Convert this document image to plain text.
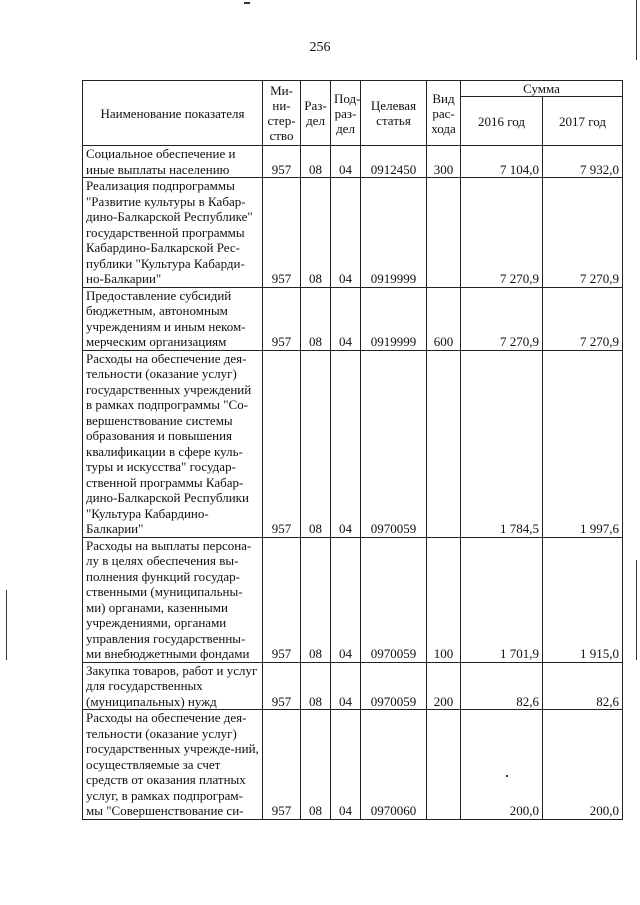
256
Наименование показателя	Ми-ни-стер-ство	Раз-дел	Под-раз-дел	Целевая статья	Вид рас-хода	Сумма	
						2016 год	2017 год
Социальное обеспечение и иные выплаты населению	957	08	04	0912450	300	7 104,0	7 932,0
Реализация подпрограммы "Развитие культуры в Кабар-дино-Балкарской Республике" государственной программы Кабардино-Балкарской Рес-публики "Культура Кабарди-но-Балкарии"	957	08	04	0919999		7 270,9	7 270,9
Предоставление субсидий бюджетным, автономным учреждениям и иным неком-мерческим организациям	957	08	04	0919999	600	7 270,9	7 270,9
Расходы на обеспечение дея-тельности (оказание услуг) государственных учреждений в рамках подпрограммы "Со-вершенствование системы образования и повышения квалификации в сфере куль-туры и искусства" государ-ственной программы Кабар-дино-Балкарской Республики "Культура Кабардино-Балкарии"	957	08	04	0970059		1 784,5	1 997,6
Расходы на выплаты персона-лу в целях обеспечения вы-полнения функций государ-ственными (муниципальны-ми) органами, казенными учреждениями, органами управления государственны-ми внебюджетными фондами	957	08	04	0970059	100	1 701,9	1 915,0
Закупка товаров, работ и услуг для государственных (муниципальных) нужд	957	08	04	0970059	200	82,6	82,6
Расходы на обеспечение дея-тельности (оказание услуг) государственных учрежде-ний, осуществляемые за счет средств от оказания платных услуг, в рамках подпрограм-мы "Совершенствование си-	957	08	04	0970060		200,0	200,0
